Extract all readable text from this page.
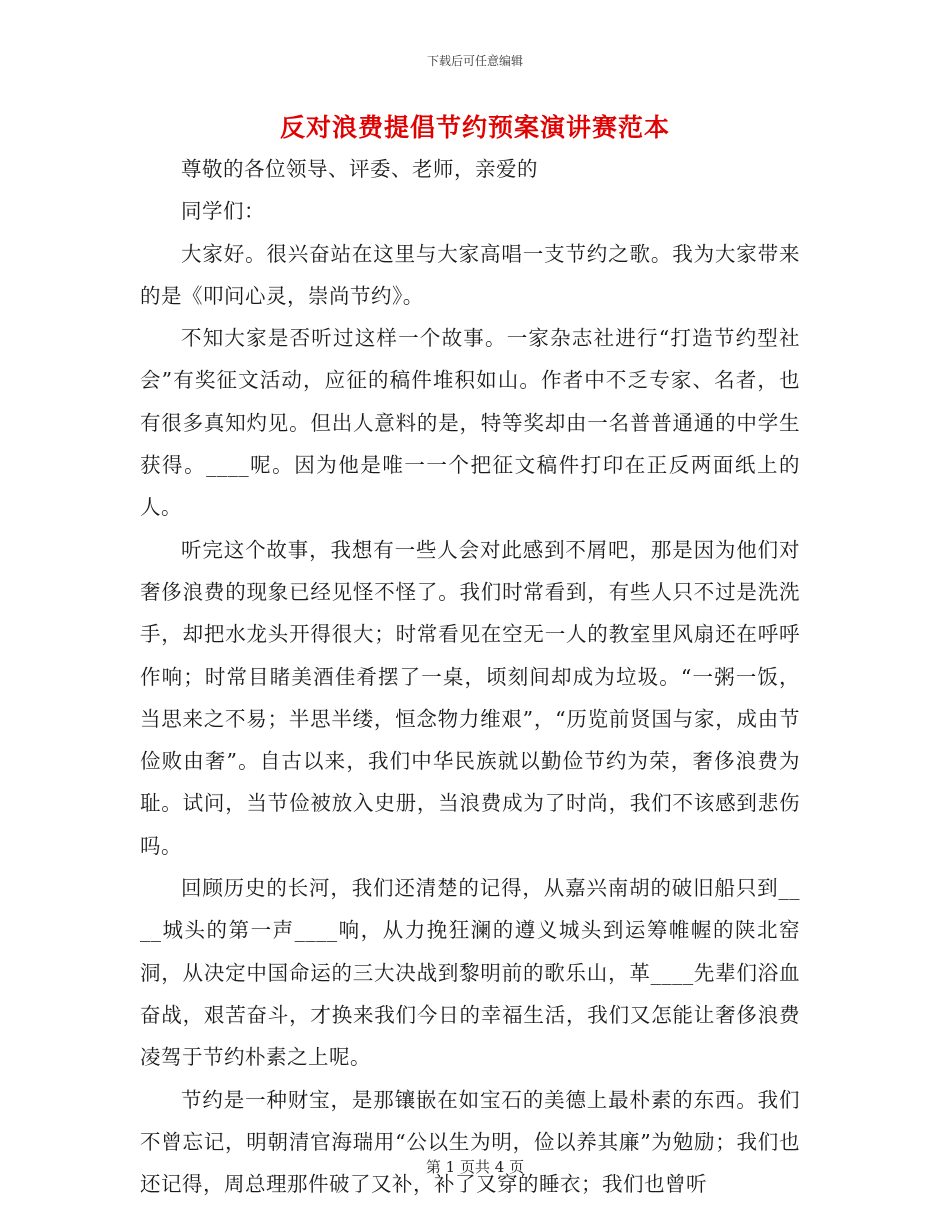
下载后可任意编辑
反对浪费提倡节约预案演讲赛范本

尊敬的各位领导、评委、老师，亲爱的

同学们：

大家好。很兴奋站在这里与大家高唱一支节约之歌。我为大家带来的是《叩问心灵，崇尚节约》。

不知大家是否听过这样一个故事。一家杂志社进行“打造节约型社会”有奖征文活动，应征的稿件堆积如山。作者中不乏专家、名者，也有很多真知灼见。但出人意料的是，特等奖却由一名普普通通的中学生获得。____呢。因为他是唯一一个把征文稿件打印在正反两面纸上的人。

听完这个故事，我想有一些人会对此感到不屑吧，那是因为他们对奢侈浪费的现象已经见怪不怪了。我们时常看到，有些人只不过是洗洗手，却把水龙头开得很大；时常看见在空无一人的教室里风扇还在呼呼作响；时常目睹美酒佳肴摆了一桌，顷刻间却成为垃圾。“一粥一饭，当思来之不易；半思半缕，恒念物力维艰”，“历览前贤国与家，成由节俭败由奢”。自古以来，我们中华民族就以勤俭节约为荣，奢侈浪费为耻。试问，当节俭被放入史册，当浪费成为了时尚，我们不该感到悲伤吗。

回顾历史的长河，我们还清楚的记得，从嘉兴南胡的破旧船只到____城头的第一声____响，从力挽狂澜的遵义城头到运筹帷幄的陕北窑洞，从决定中国命运的三大决战到黎明前的歌乐山，革____先辈们浴血奋战，艰苦奋斗，才换来我们今日的幸福生活，我们又怎能让奢侈浪费凌驾于节约朴素之上呢。

节约是一种财宝，是那镶嵌在如宝石的美德上最朴素的东西。我们不曾忘记，明朝清官海瑞用“公以生为明，俭以养其廉”为勉励；我们也还记得，周总理那件破了又补，补了又穿的睡衣；我们也曾听

第 1 页共 4 页
